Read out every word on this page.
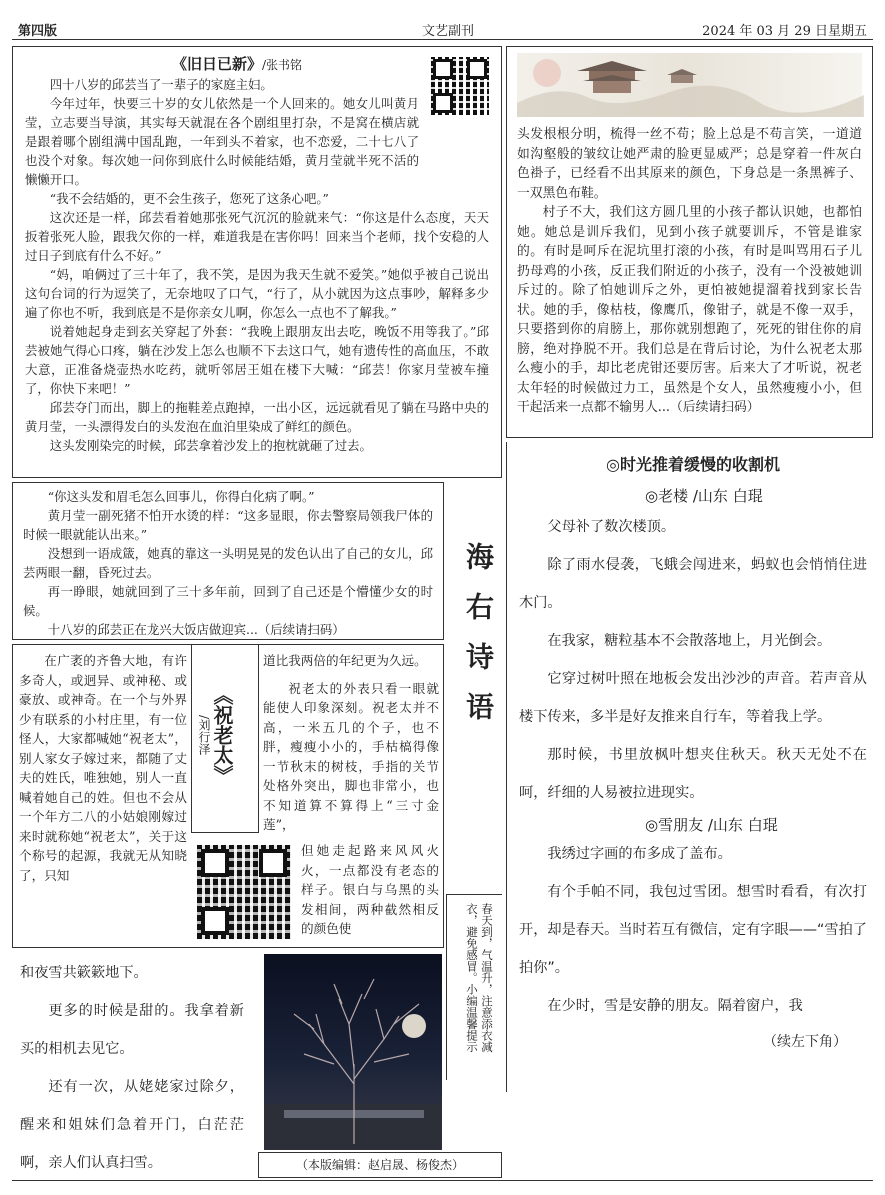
第四版	文艺副刊	2024 年 03 月 29 日星期五
《旧日已新》/张书铭

四十八岁的邱芸当了一辈子的家庭主妇。

今年过年，快要三十岁的女儿依然是一个人回来的。她女儿叫黄月莹，立志要当导演，其实每天就混在各个剧组里打杂，不是窝在横店就是跟着哪个剧组满中国乱跑，一年到头不着家，也不恋爱，二十七八了也没个对象。每次她一问你到底什么时候能结婚，黄月莹就半死不活的懒懒开口。

“我不会结婚的，更不会生孩子，您死了这条心吧。”

这次还是一样，邱芸看着她那张死气沉沉的脸就来气：“你这是什么态度，天天扳着张死人脸，跟我欠你的一样，难道我是在害你吗！回来当个老师，找个安稳的人过日子到底有什么不好。”

“妈，咱俩过了三十年了，我不笑，是因为我天生就不爱笑。”她似乎被自己说出这句台词的行为逗笑了，无奈地叹了口气，“行了，从小就因为这点事吵，解释多少遍了你也不听，我到底是不是你亲女儿啊，你怎么一点也不了解我。”

说着她起身走到玄关穿起了外套：“我晚上跟朋友出去吃，晚饭不用等我了。”邱芸被她气得心口疼，躺在沙发上怎么也顺不下去这口气，她有遗传性的高血压，不敢大意，正准备烧壶热水吃药，就听邻居王姐在楼下大喊：“邱芸！你家月莹被车撞了，你快下来吧！”

邱芸夺门而出，脚上的拖鞋差点跑掉，一出小区，远远就看见了躺在马路中央的黄月莹，一头漂得发白的头发泡在血泊里染成了鲜红的颜色。

这头发刚染完的时候，邱芸拿着沙发上的抱枕就砸了过去。

“你这头发和眉毛怎么回事儿，你得白化病了啊。”

黄月莹一副死猪不怕开水烫的样：“这多显眼，你去警察局领我尸体的时候一眼就能认出来。”

没想到一语成箴，她真的靠这一头明晃晃的发色认出了自己的女儿，邱芸两眼一翻，昏死过去。

再一睁眼，她就回到了三十多年前，回到了自己还是个懵懂少女的时候。

十八岁的邱芸正在龙兴大饭店做迎宾...（后续请扫码）	海右诗语

在广袤的齐鲁大地，有许多奇人，或迥异、或神秘、或豪放、或神奇。在一个与外界少有联系的小村庄里，有一位怪人，大家都喊她“祝老太”，别人家女子嫁过来，都随了丈夫的姓氏，唯独她，别人一直喊着她自己的姓。但也不会从一个年方二八的小姑娘刚嫁过来时就称她“祝老太”，关于这个称号的起源，我就无从知晓了，只知

《祝老太》
/刘行泽

道比我两倍的年纪更为久远。

祝老太的外表只看一眼就能使人印象深刻。祝老太并不高，一米五几的个子，也不胖，瘦瘦小小的，手枯槁得像一节秋末的树枝，手指的关节处格外突出，脚也非常小，也不知道算不算得上“三寸金莲”，

但她走起路来风风火火，一点都没有老态的样子。银白与乌黑的头发相间，两种截然相反的颜色使	春天到，气温升，注意添衣减衣，避免感冒。小编温馨提示

头发根根分明，梳得一丝不苟；脸上总是不苟言笑，一道道如沟壑般的皱纹让她严肃的脸更显威严；总是穿着一件灰白色褂子，已经看不出其原来的颜色，下身总是一条黑裤子、一双黑色布鞋。

村子不大，我们这方圆几里的小孩子都认识她，也都怕她。她总是训斥我们，见到小孩子就要训斥，不管是谁家的。有时是呵斥在泥坑里打滚的小孩，有时是叫骂用石子儿扔母鸡的小孩，反正我们附近的小孩子，没有一个没被她训斥过的。除了怕她训斥之外，更怕被她提溜着找到家长告状。她的手，像枯枝，像鹰爪，像钳子，就是不像一双手，只要搭到你的肩膀上，那你就别想跑了，死死的钳住你的肩膀，绝对挣脱不开。我们总是在背后讨论，为什么祝老太那么瘦小的手，却比老虎钳还要厉害。后来大了才听说，祝老太年轻的时候做过力工，虽然是个女人，虽然瘦瘦小小，但干起活来一点都不输男人...（后续请扫码）

◎时光推着缓慢的收割机
◎老楼 /山东 白琨

父母补了数次楼顶。

除了雨水侵袭，飞蛾会闯进来，蚂蚁也会悄悄住进木门。

在我家，糖粒基本不会散落地上，月光倒会。

它穿过树叶照在地板会发出沙沙的声音。若声音从楼下传来，多半是好友推来自行车，等着我上学。

那时候，书里放枫叶想夹住秋天。秋天无处不在呵，纤细的人易被拉进现实。

◎雪朋友 /山东 白琨

我绣过字画的布多成了盖布。

有个手帕不同，我包过雪团。想雪时看看，有次打开，却是春天。当时若互有微信，定有字眼——“雪拍了拍你”。

在少时，雪是安静的朋友。隔着窗户，我

（续左下角）

和夜雪共簌簌地下。

更多的时候是甜的。我拿着新买的相机去见它。

还有一次，从姥姥家过除夕，醒来和姐妹们急着开门，白茫茫啊，亲人们认真扫雪。	（本版编辑：赵启晟、杨俊杰）
